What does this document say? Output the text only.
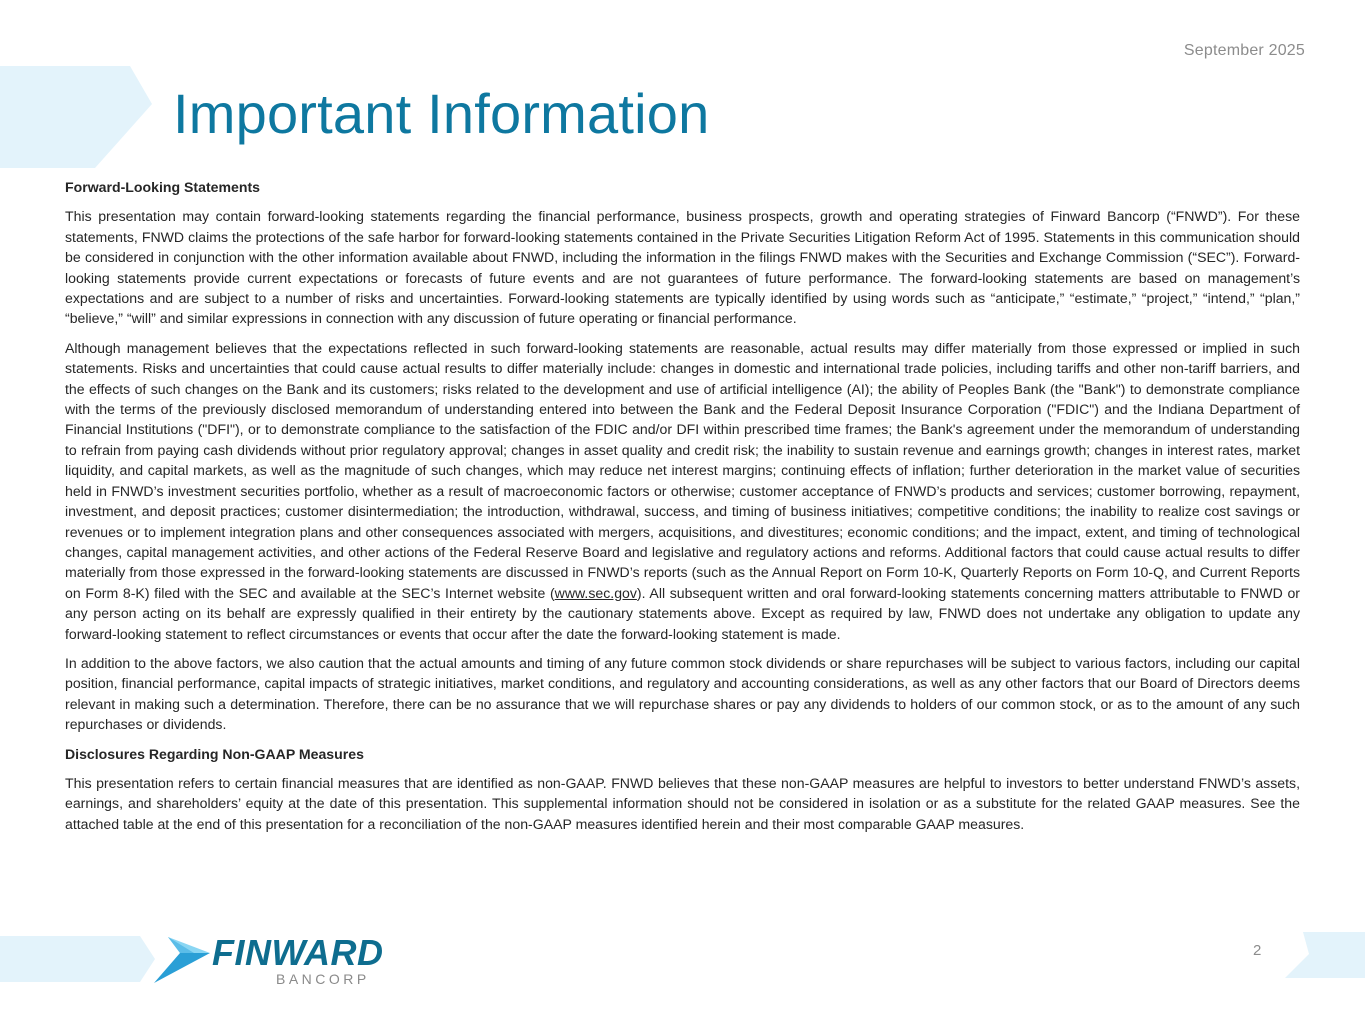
September 2025
Important Information
Forward-Looking Statements

This presentation may contain forward-looking statements regarding the financial performance, business prospects, growth and operating strategies of Finward Bancorp (“FNWD”). For these statements, FNWD claims the protections of the safe harbor for forward-looking statements contained in the Private Securities Litigation Reform Act of 1995. Statements in this communication should be considered in conjunction with the other information available about FNWD, including the information in the filings FNWD makes with the Securities and Exchange Commission (“SEC”). Forward-looking statements provide current expectations or forecasts of future events and are not guarantees of future performance. The forward-looking statements are based on management’s expectations and are subject to a number of risks and uncertainties. Forward-looking statements are typically identified by using words such as “anticipate,” “estimate,” “project,” “intend,” “plan,” “believe,” “will” and similar expressions in connection with any discussion of future operating or financial performance.

Although management believes that the expectations reflected in such forward-looking statements are reasonable, actual results may differ materially from those expressed or implied in such statements. Risks and uncertainties that could cause actual results to differ materially include: changes in domestic and international trade policies, including tariffs and other non-tariff barriers, and the effects of such changes on the Bank and its customers; risks related to the development and use of artificial intelligence (AI); the ability of Peoples Bank (the "Bank") to demonstrate compliance with the terms of the previously disclosed memorandum of understanding entered into between the Bank and the Federal Deposit Insurance Corporation ("FDIC") and the Indiana Department of Financial Institutions ("DFI"), or to demonstrate compliance to the satisfaction of the FDIC and/or DFI within prescribed time frames; the Bank's agreement under the memorandum of understanding to refrain from paying cash dividends without prior regulatory approval; changes in asset quality and credit risk; the inability to sustain revenue and earnings growth; changes in interest rates, market liquidity, and capital markets, as well as the magnitude of such changes, which may reduce net interest margins; continuing effects of inflation; further deterioration in the market value of securities held in FNWD’s investment securities portfolio, whether as a result of macroeconomic factors or otherwise; customer acceptance of FNWD’s products and services; customer borrowing, repayment, investment, and deposit practices; customer disintermediation; the introduction, withdrawal, success, and timing of business initiatives; competitive conditions; the inability to realize cost savings or revenues or to implement integration plans and other consequences associated with mergers, acquisitions, and divestitures; economic conditions; and the impact, extent, and timing of technological changes, capital management activities, and other actions of the Federal Reserve Board and legislative and regulatory actions and reforms. Additional factors that could cause actual results to differ materially from those expressed in the forward-looking statements are discussed in FNWD’s reports (such as the Annual Report on Form 10-K, Quarterly Reports on Form 10-Q, and Current Reports on Form 8-K) filed with the SEC and available at the SEC’s Internet website (www.sec.gov). All subsequent written and oral forward-looking statements concerning matters attributable to FNWD or any person acting on its behalf are expressly qualified in their entirety by the cautionary statements above. Except as required by law, FNWD does not undertake any obligation to update any forward-looking statement to reflect circumstances or events that occur after the date the forward-looking statement is made.

In addition to the above factors, we also caution that the actual amounts and timing of any future common stock dividends or share repurchases will be subject to various factors, including our capital position, financial performance, capital impacts of strategic initiatives, market conditions, and regulatory and accounting considerations, as well as any other factors that our Board of Directors deems relevant in making such a determination. Therefore, there can be no assurance that we will repurchase shares or pay any dividends to holders of our common stock, or as to the amount of any such repurchases or dividends.

Disclosures Regarding Non-GAAP Measures

This presentation refers to certain financial measures that are identified as non-GAAP. FNWD believes that these non-GAAP measures are helpful to investors to better understand FNWD’s assets, earnings, and shareholders’ equity at the date of this presentation. This supplemental information should not be considered in isolation or as a substitute for the related GAAP measures. See the attached table at the end of this presentation for a reconciliation of the non-GAAP measures identified herein and their most comparable GAAP measures.

FINWARD
BANCORP
2
